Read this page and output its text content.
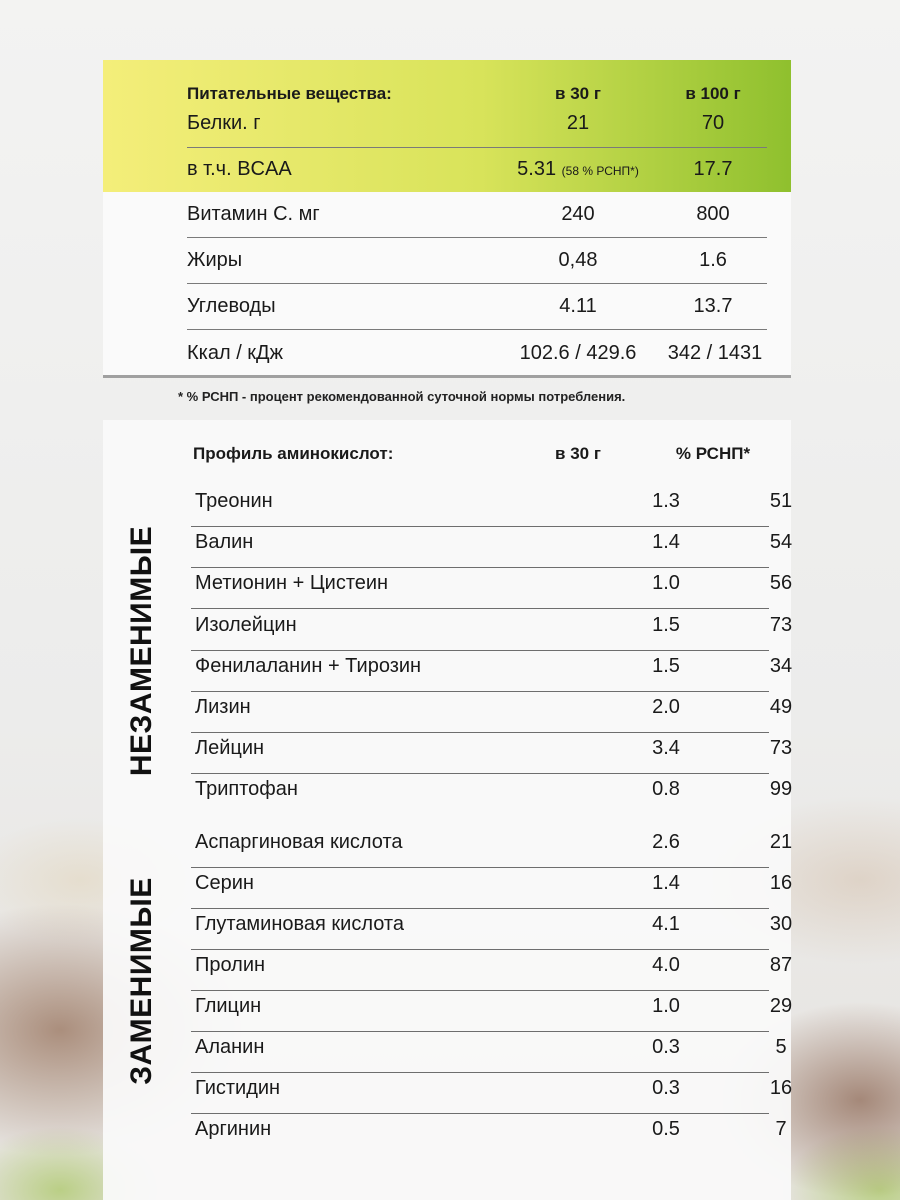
Питательные вещества:	в 30 г	в 100 г
Белки. г	21	70
в т.ч. BCAA	5.31 (58 % РСНП*)	17.7
Витамин С. мг	240	800
Жиры	0,48	1.6
Углеводы	4.11	13.7
Ккал / кДж	102.6 / 429.6	342 / 1431
* % РСНП - процент рекомендованной суточной нормы потребления.
Профиль аминокислот:	в 30 г	% РСНП*
Треонин	1.3	51
Валин	1.4	54
Метионин + Цистеин	1.0	56
Изолейцин	1.5	73
Фенилаланин + Тирозин	1.5	34
Лизин	2.0	49
Лейцин	3.4	73
Триптофан	0.8	99
Аспаргиновая кислота	2.6	21
Серин	1.4	16
Глутаминовая кислота	4.1	30
Пролин	4.0	87
Глицин	1.0	29
Аланин	0.3	5
Гистидин	0.3	16
Аргинин	0.5	7
НЕЗАМЕНИМЫЕ
ЗАМЕНИМЫЕ
